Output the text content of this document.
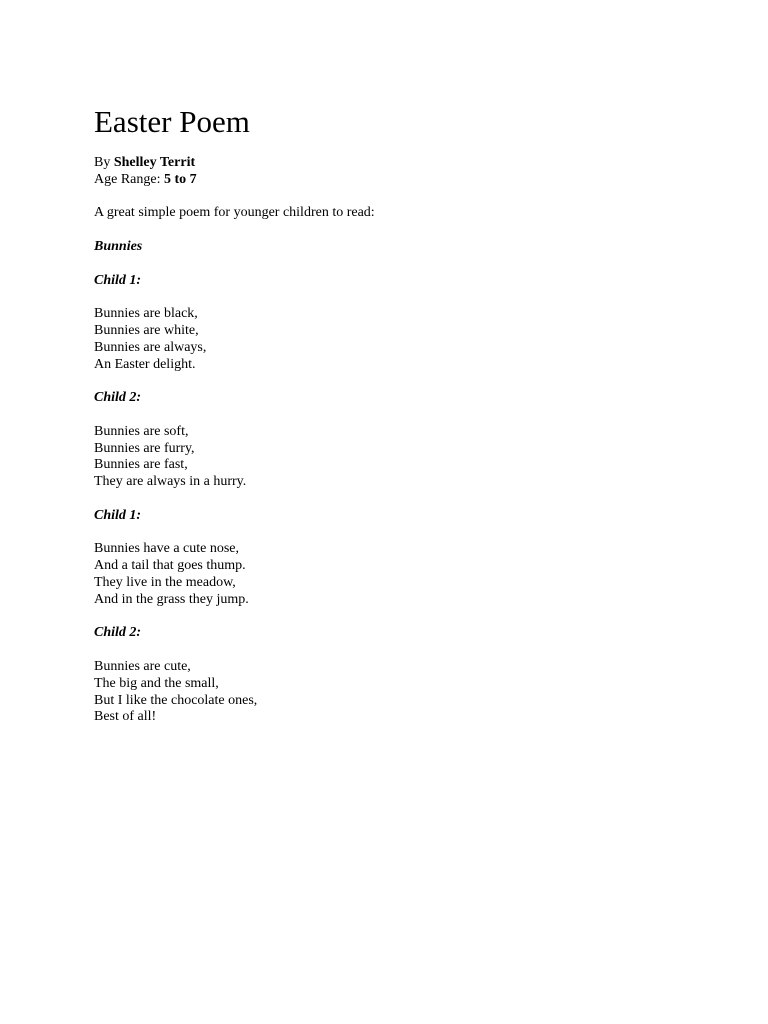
Easter Poem
By Shelley Territ
Age Range: 5 to 7
A great simple poem for younger children to read:
Bunnies
Child 1:
Bunnies are black,
Bunnies are white,
Bunnies are always,
An Easter delight.
Child 2:
Bunnies are soft,
Bunnies are furry,
Bunnies are fast,
They are always in a hurry.
Child 1:
Bunnies have a cute nose,
And a tail that goes thump.
They live in the meadow,
And in the grass they jump.
Child 2:
Bunnies are cute,
The big and the small,
But I like the chocolate ones,
Best of all!
